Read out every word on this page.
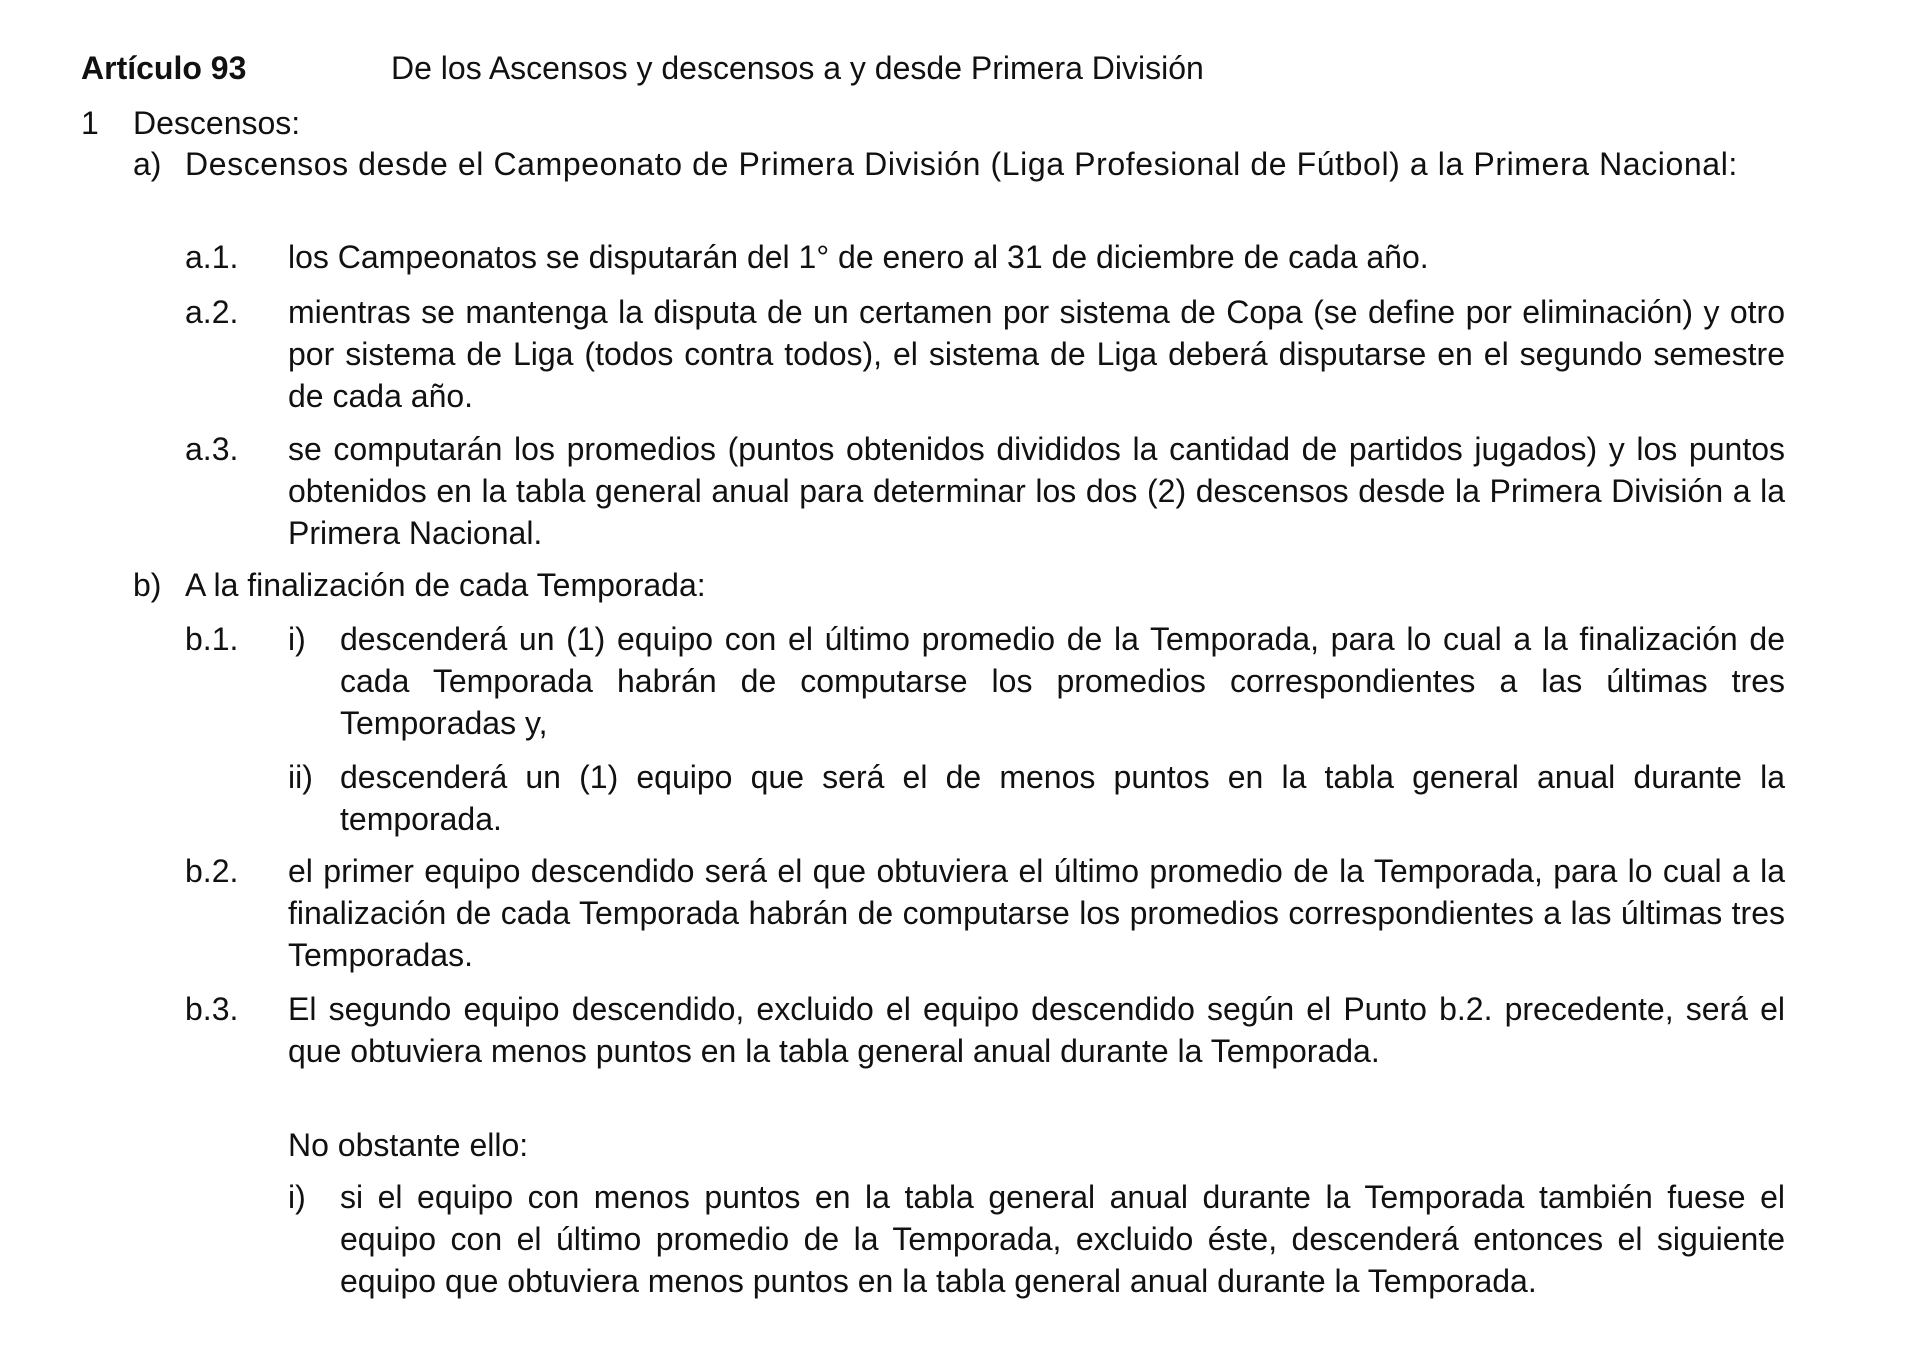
Artículo 93	De los Ascensos y descensos a y desde Primera División
1 Descensos:
a) Descensos desde el Campeonato de Primera División (Liga Profesional de Fútbol) a la Primera Nacional:
a.1. los Campeonatos se disputarán del 1° de enero al 31 de diciembre de cada año.
a.2. mientras se mantenga la disputa de un certamen por sistema de Copa (se define por eliminación) y otro por sistema de Liga (todos contra todos), el sistema de Liga deberá disputarse en el segundo semestre de cada año.
a.3. se computarán los promedios (puntos obtenidos divididos la cantidad de partidos jugados) y los puntos obtenidos en la tabla general anual para determinar los dos (2) descensos desde la Primera División a la Primera Nacional.
b) A la finalización de cada Temporada:
b.1. i) descenderá un (1) equipo con el último promedio de la Temporada, para lo cual a la finalización de cada Temporada habrán de computarse los promedios correspondientes a las últimas tres Temporadas y,
ii) descenderá un (1) equipo que será el de menos puntos en la tabla general anual durante la temporada.
b.2. el primer equipo descendido será el que obtuviera el último promedio de la Temporada, para lo cual a la finalización de cada Temporada habrán de computarse los promedios correspondientes a las últimas tres Temporadas.
b.3. El segundo equipo descendido, excluido el equipo descendido según el Punto b.2. precedente, será el que obtuviera menos puntos en la tabla general anual durante la Temporada.
No obstante ello:
i) si el equipo con menos puntos en la tabla general anual durante la Temporada también fuese el equipo con el último promedio de la Temporada, excluido éste, descenderá entonces el siguiente equipo que obtuviera menos puntos en la tabla general anual durante la Temporada.
